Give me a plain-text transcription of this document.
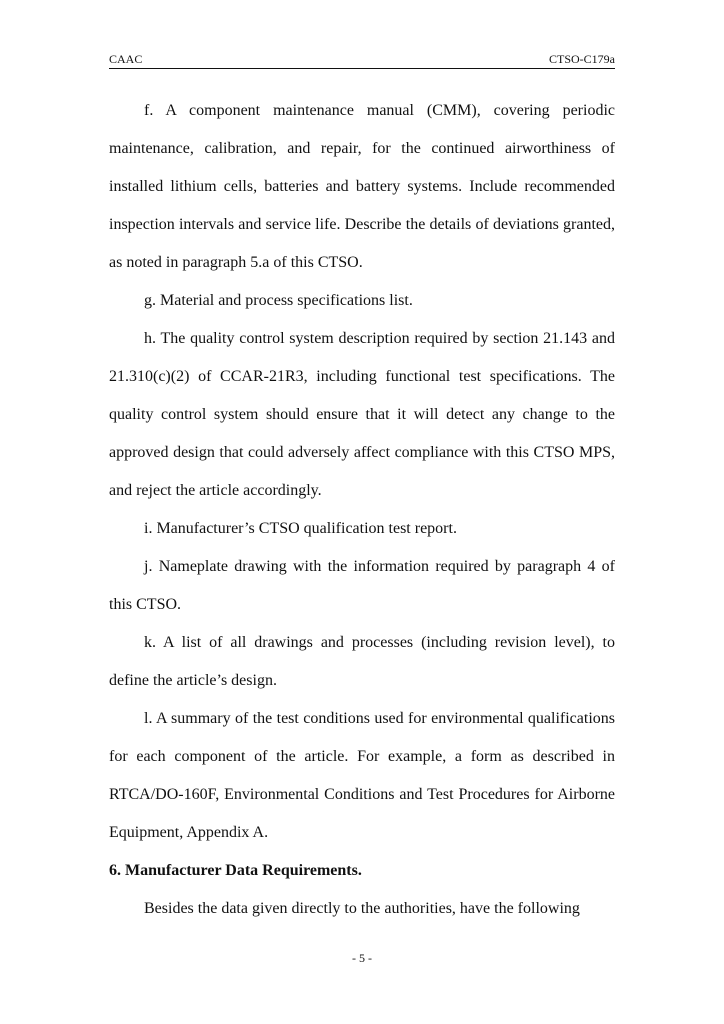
CAAC	CTSO-C179a

f. A component maintenance manual (CMM), covering periodic maintenance, calibration, and repair, for the continued airworthiness of installed lithium cells, batteries and battery systems. Include recommended inspection intervals and service life. Describe the details of deviations granted, as noted in paragraph 5.a of this CTSO.

g. Material and process specifications list.

h. The quality control system description required by section 21.143 and 21.310(c)(2) of CCAR-21R3, including functional test specifications. The quality control system should ensure that it will detect any change to the approved design that could adversely affect compliance with this CTSO MPS, and reject the article accordingly.

i. Manufacturer’s CTSO qualification test report.

j. Nameplate drawing with the information required by paragraph 4 of this CTSO.

k. A list of all drawings and processes (including revision level), to define the article’s design.

l. A summary of the test conditions used for environmental qualifications for each component of the article. For example, a form as described in RTCA/DO-160F, Environmental Conditions and Test Procedures for Airborne Equipment, Appendix A.

6. Manufacturer Data Requirements.

Besides the data given directly to the authorities, have the following

- 5 -
